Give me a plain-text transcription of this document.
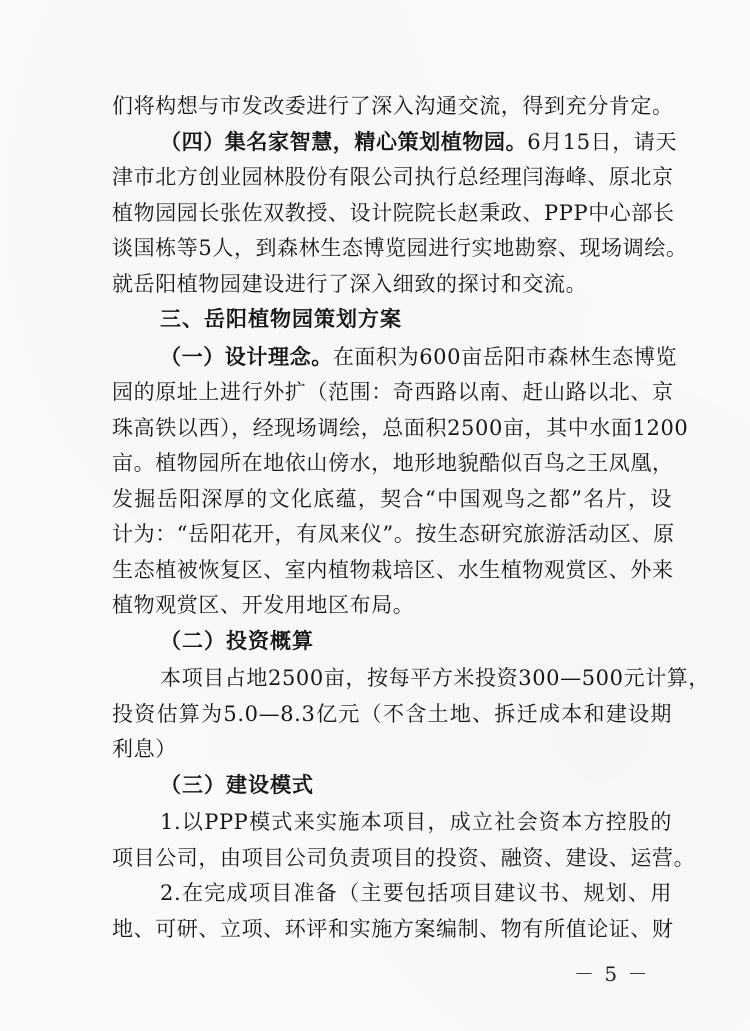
们将构想与市发改委进行了深入沟通交流，得到充分肯定。
（四）集名家智慧，精心策划植物园。6月15日，请天
津市北方创业园林股份有限公司执行总经理闫海峰、原北京
植物园园长张佐双教授、设计院院长赵秉政、PPP中心部长
谈国栋等5人，到森林生态博览园进行实地勘察、现场调绘。
就岳阳植物园建设进行了深入细致的探讨和交流。
三、岳阳植物园策划方案
（一）设计理念。在面积为600亩岳阳市森林生态博览
园的原址上进行外扩（范围：奇西路以南、赶山路以北、京
珠高铁以西），经现场调绘，总面积2500亩，其中水面1200
亩。植物园所在地依山傍水，地形地貌酷似百鸟之王凤凰，
发掘岳阳深厚的文化底蕴，契合“中国观鸟之都”名片，设
计为：“岳阳花开，有凤来仪”。按生态研究旅游活动区、原
生态植被恢复区、室内植物栽培区、水生植物观赏区、外来
植物观赏区、开发用地区布局。
（二）投资概算
本项目占地2500亩，按每平方米投资300—500元计算，
投资估算为5.0—8.3亿元（不含土地、拆迁成本和建设期
利息）
（三）建设模式
1.以PPP模式来实施本项目，成立社会资本方控股的
项目公司，由项目公司负责项目的投资、融资、建设、运营。
2.在完成项目准备（主要包括项目建议书、规划、用
地、可研、立项、环评和实施方案编制、物有所值论证、财
－ 5 －
